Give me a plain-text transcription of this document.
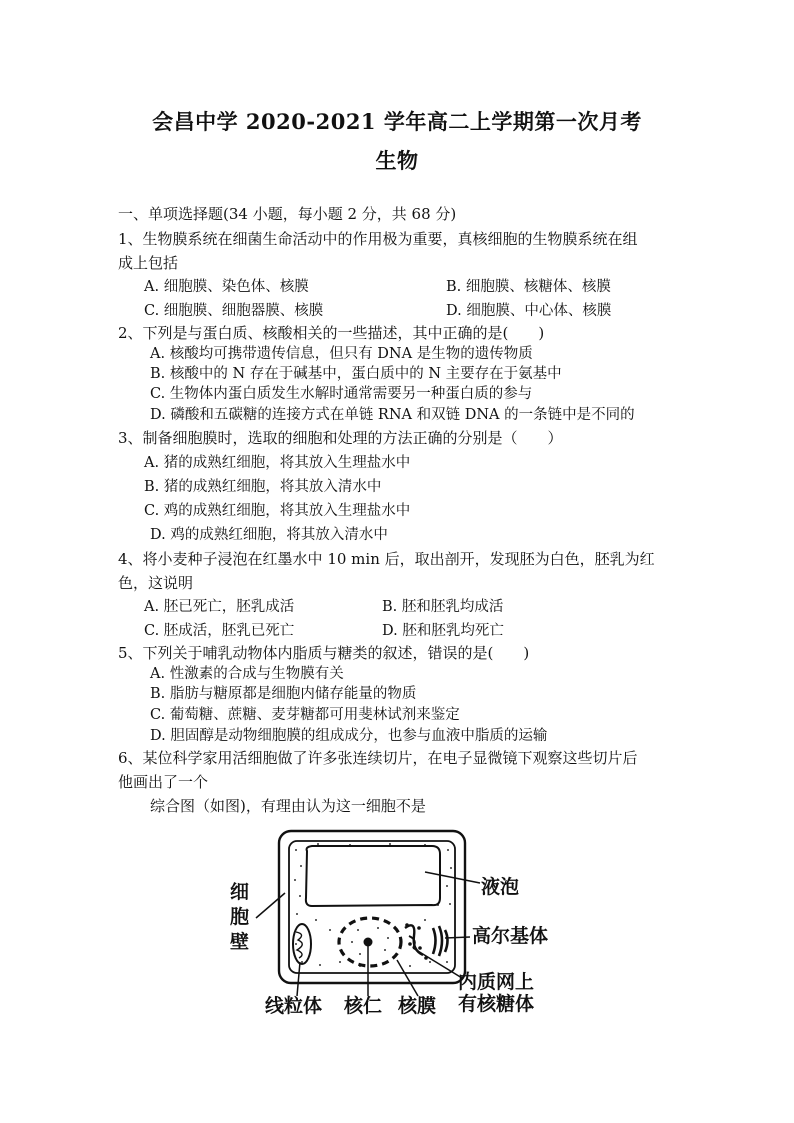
会昌中学 2020-2021 学年高二上学期第一次月考
生物
一、单项选择题(34 小题，每小题 2 分，共 68 分)
1、生物膜系统在细菌生命活动中的作用极为重要，真核细胞的生物膜系统在组
成上包括
A. 细胞膜、染色体、核膜	B. 细胞膜、核糖体、核膜
C. 细胞膜、细胞器膜、核膜	D. 细胞膜、中心体、核膜
2、下列是与蛋白质、核酸相关的一些描述，其中正确的是(　　)
A. 核酸均可携带遗传信息，但只有 DNA 是生物的遗传物质
B. 核酸中的 N 存在于碱基中，蛋白质中的 N 主要存在于氨基中
C. 生物体内蛋白质发生水解时通常需要另一种蛋白质的参与
D. 磷酸和五碳糖的连接方式在单链 RNA 和双链 DNA 的一条链中是不同的
3、制备细胞膜时，选取的细胞和处理的方法正确的分别是（　　）
A. 猪的成熟红细胞，将其放入生理盐水中
B. 猪的成熟红细胞，将其放入清水中
C. 鸡的成熟红细胞，将其放入生理盐水中
D. 鸡的成熟红细胞，将其放入清水中
4、将小麦种子浸泡在红墨水中 10 min 后，取出剖开，发现胚为白色，胚乳为红
色，这说明
A. 胚已死亡，胚乳成活	B. 胚和胚乳均成活
C. 胚成活，胚乳已死亡	D. 胚和胚乳均死亡
5、下列关于哺乳动物体内脂质与糖类的叙述，错误的是(　　)
A. 性激素的合成与生物膜有关
B. 脂肪与糖原都是细胞内储存能量的物质
C. 葡萄糖、蔗糖、麦芽糖都可用斐林试剂来鉴定
D. 胆固醇是动物细胞膜的组成成分，也参与血液中脂质的运输
6、某位科学家用活细胞做了许多张连续切片，在电子显微镜下观察这些切片后
他画出了一个
综合图（如图)，有理由认为这一细胞不是
液泡
高尔基体
内质网上
有核糖体
细
胞
壁
线粒体 核仁 核膜
